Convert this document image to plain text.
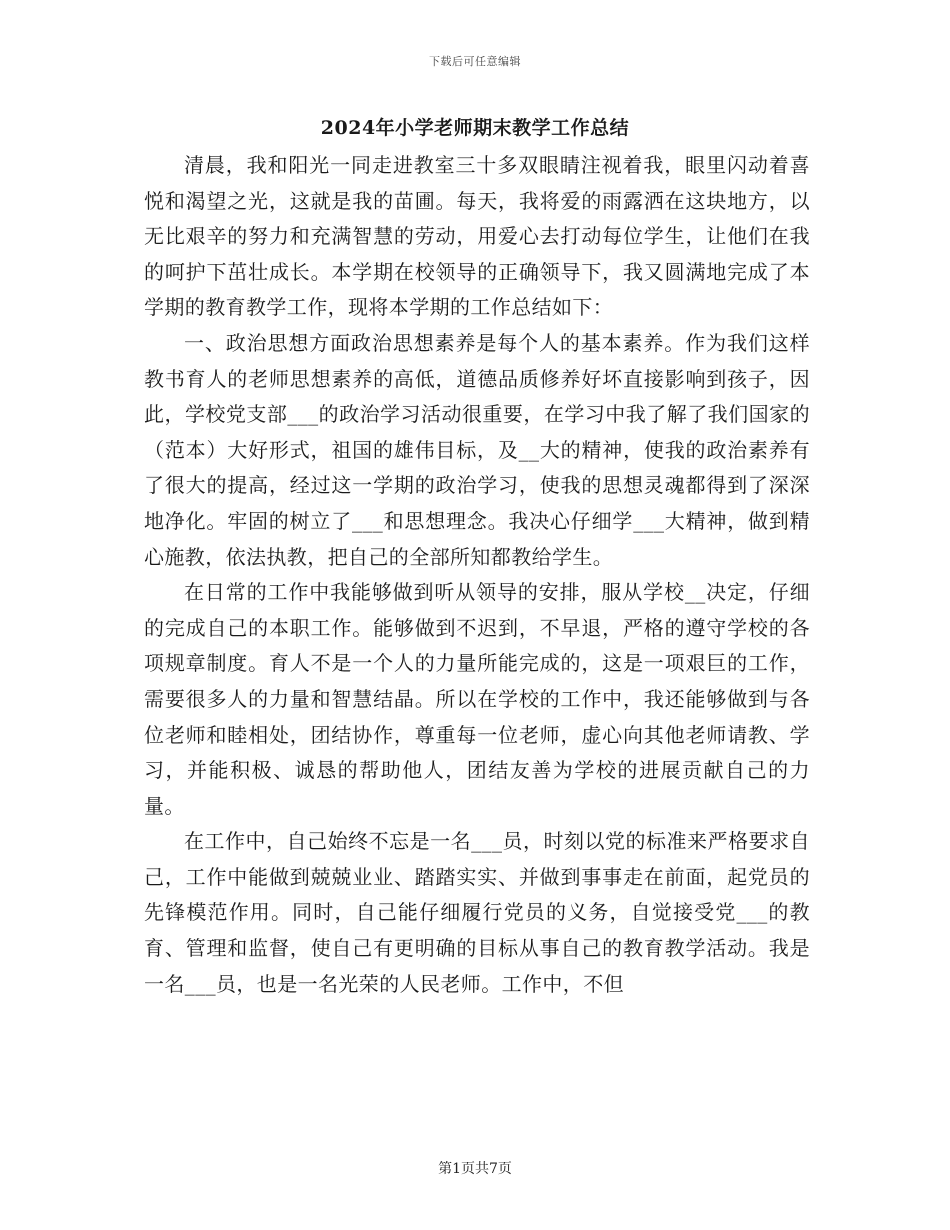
下载后可任意编辑
2024年小学老师期末教学工作总结

清晨，我和阳光一同走进教室三十多双眼睛注视着我，眼里闪动着喜悦和渴望之光，这就是我的苗圃。每天，我将爱的雨露洒在这块地方，以无比艰辛的努力和充满智慧的劳动，用爱心去打动每位学生，让他们在我的呵护下茁壮成长。本学期在校领导的正确领导下，我又圆满地完成了本学期的教育教学工作，现将本学期的工作总结如下：

一、政治思想方面政治思想素养是每个人的基本素养。作为我们这样教书育人的老师思想素养的高低，道德品质修养好坏直接影响到孩子，因此，学校党支部___的政治学习活动很重要，在学习中我了解了我们国家的（范本）大好形式，祖国的雄伟目标，及__大的精神，使我的政治素养有了很大的提高，经过这一学期的政治学习，使我的思想灵魂都得到了深深地净化。牢固的树立了___和思想理念。我决心仔细学___大精神，做到精心施教，依法执教，把自己的全部所知都教给学生。

在日常的工作中我能够做到听从领导的安排，服从学校__决定，仔细的完成自己的本职工作。能够做到不迟到，不早退，严格的遵守学校的各项规章制度。育人不是一个人的力量所能完成的，这是一项艰巨的工作，需要很多人的力量和智慧结晶。所以在学校的工作中，我还能够做到与各位老师和睦相处，团结协作，尊重每一位老师，虚心向其他老师请教、学习，并能积极、诚恳的帮助他人，团结友善为学校的进展贡献自己的力量。

在工作中，自己始终不忘是一名___员，时刻以党的标准来严格要求自己，工作中能做到兢兢业业、踏踏实实、并做到事事走在前面，起党员的先锋模范作用。同时，自己能仔细履行党员的义务，自觉接受党___的教育、管理和监督，使自己有更明确的目标从事自己的教育教学活动。我是一名___员，也是一名光荣的人民老师。工作中，不但

第1页共7页
